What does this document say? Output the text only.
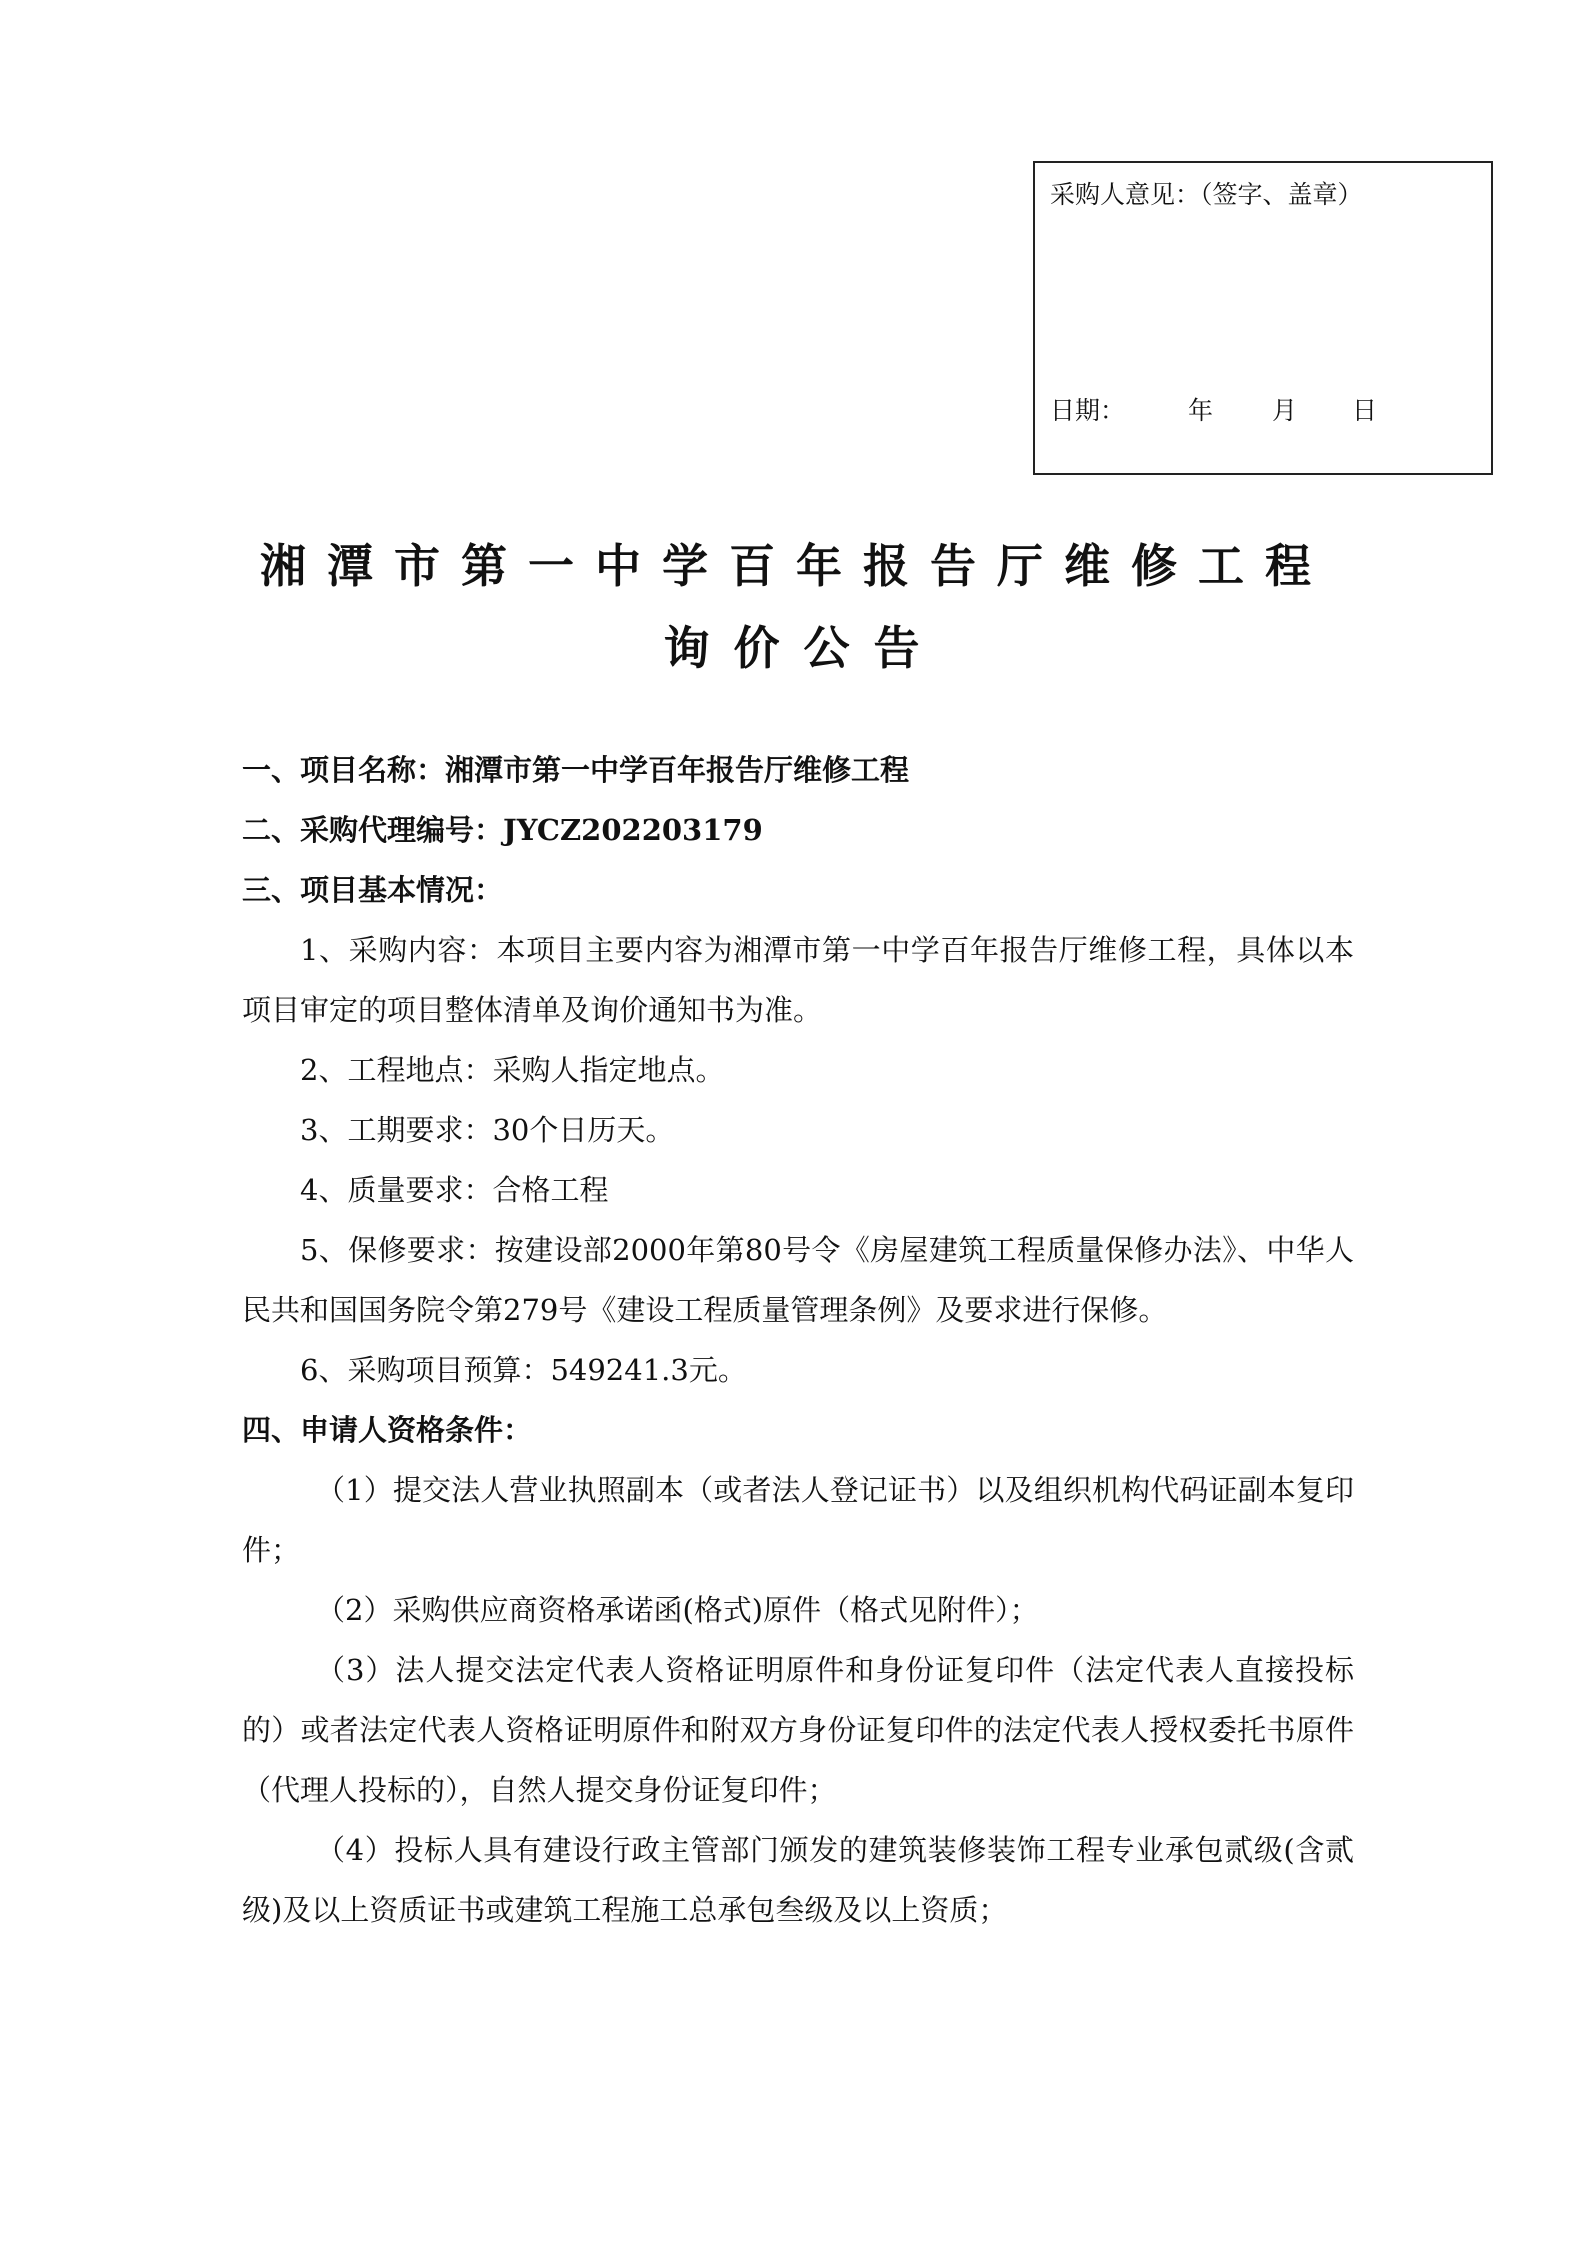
采购人意见：（签字、盖章）
日期：	年 月 日
湘潭市第一中学百年报告厅维修工程
询价公告

一、项目名称：湘潭市第一中学百年报告厅维修工程

二、采购代理编号：JYCZ202203179

三、项目基本情况：

1、采购内容：本项目主要内容为湘潭市第一中学百年报告厅维修工程，具体以本项目审定的项目整体清单及询价通知书为准。

2、工程地点：采购人指定地点。

3、工期要求：30个日历天。

4、质量要求：合格工程

5、保修要求：按建设部2000年第80号令《房屋建筑工程质量保修办法》、中华人民共和国国务院令第279号《建设工程质量管理条例》及要求进行保修。

6、采购项目预算：549241.3元。

四、申请人资格条件：

（1）提交法人营业执照副本（或者法人登记证书）以及组织机构代码证副本复印件；

（2）采购供应商资格承诺函(格式)原件（格式见附件）；

（3）法人提交法定代表人资格证明原件和身份证复印件（法定代表人直接投标的）或者法定代表人资格证明原件和附双方身份证复印件的法定代表人授权委托书原件（代理人投标的），自然人提交身份证复印件；

（4）投标人具有建设行政主管部门颁发的建筑装修装饰工程专业承包贰级(含贰级)及以上资质证书或建筑工程施工总承包叁级及以上资质；
